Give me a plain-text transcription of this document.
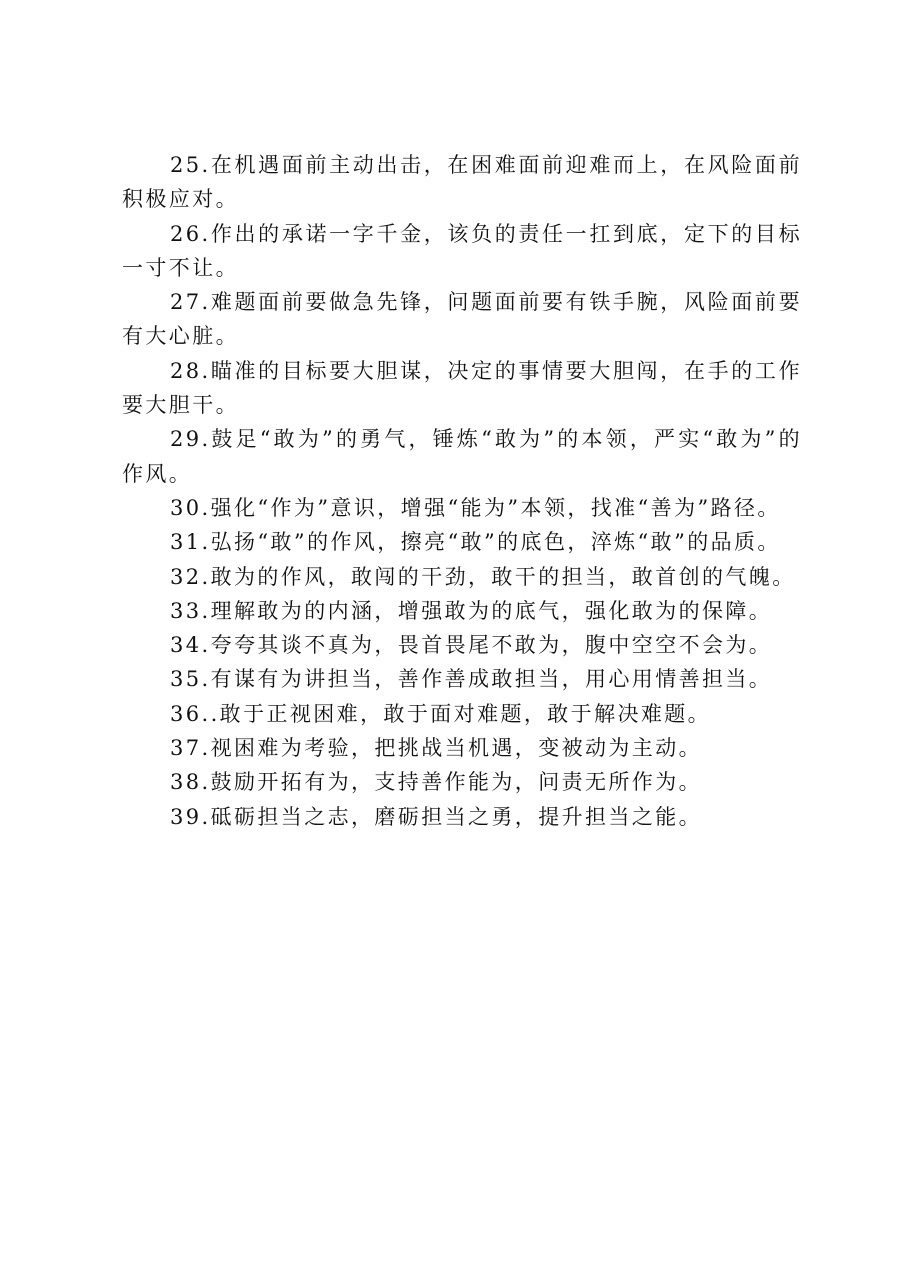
25.在机遇面前主动出击，在困难面前迎难而上，在风险面前积极应对。

26.作出的承诺一字千金，该负的责任一扛到底，定下的目标一寸不让。

27.难题面前要做急先锋，问题面前要有铁手腕，风险面前要有大心脏。

28.瞄准的目标要大胆谋，决定的事情要大胆闯，在手的工作要大胆干。

29.鼓足“敢为”的勇气，锤炼“敢为”的本领，严实“敢为”的作风。

30.强化“作为”意识，增强“能为”本领，找准“善为”路径。

31.弘扬“敢”的作风，擦亮“敢”的底色，淬炼“敢”的品质。

32.敢为的作风，敢闯的干劲，敢干的担当，敢首创的气魄。

33.理解敢为的内涵，增强敢为的底气，强化敢为的保障。

34.夸夸其谈不真为，畏首畏尾不敢为，腹中空空不会为。

35.有谋有为讲担当，善作善成敢担当，用心用情善担当。

36..敢于正视困难，敢于面对难题，敢于解决难题。

37.视困难为考验，把挑战当机遇，变被动为主动。

38.鼓励开拓有为，支持善作能为，问责无所作为。

39.砥砺担当之志，磨砺担当之勇，提升担当之能。
